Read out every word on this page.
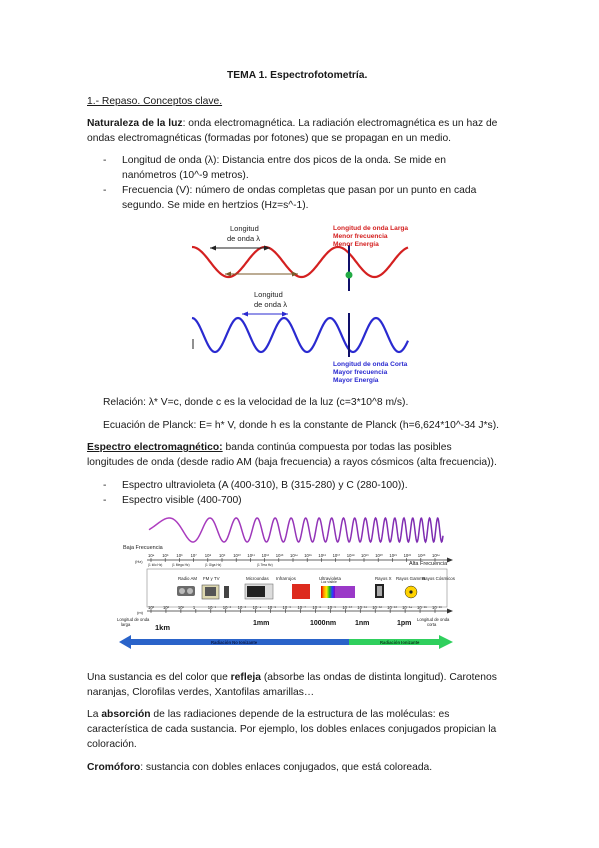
TEMA 1. Espectrofotometría.
1.- Repaso. Conceptos clave.
Naturaleza de la luz: onda electromagnética. La radiación electromagnética es un haz de
ondas electromagnéticas (formadas por fotones) que se propagan en un medio.
- Longitud de onda (λ): Distancia entre dos picos de la onda. Se mide en
nanómetros (10^-9 metros).
- Frecuencia (V): número de ondas completas que pasan por un punto en cada
segundo. Se mide en hertzios (Hz=s^-1).
Longitud
de onda λ
Longitud
de onda λ
Longitud de onda Larga
Menor frecuencia
Menor Energía
Longitud de onda Corta
Mayor frecuencia
Mayor Energía
Relación: λ* V=c, donde c es la velocidad de la luz (c=3*10^8 m/s).
Ecuación de Planck: E= h* V, donde h es la constante de Planck (h=6,624*10^-34 J*s).
Espectro electromagnético: banda continúa compuesta por todas las posibles
longitudes de onda (desde radio AM (baja frecuencia) a rayos cósmicos (alta frecuencia)).
- Espectro ultravioleta (A (400-310), B (315-280) y C (280-100)).
- Espectro visible (400-700)
Baja Frecuencia
Alta Frecuencia
(Hz)
10⁴ 10⁵ 10⁶ 10⁷ 10⁸ 10⁹ 10¹⁰ 10¹¹ 10¹² 10¹³ 10¹⁴ 10¹⁵ 10¹⁶ 10¹⁷ 10¹⁸ 10¹⁹ 10²⁰ 10²¹ 10²² 10²³ 10²⁴
(1 kilo Hz)	(1 Mega Hz)	(1 Giga Hz)	(1 Tera Hz)
Radio AM FM y TV	Microondas Infrarrojos	Ultravioleta	Rayos X Rayos Gamma
Rayos Cósmicos
Luz visible
10³ 10² 10¹ 1	10⁻¹ 10⁻² 10⁻³ 10⁻⁴ 10⁻⁵ 10⁻⁶ 10⁻⁷ 10⁻⁸ 10⁻⁹ 10⁻¹⁰ 10⁻¹¹ 10⁻¹² 10⁻¹³ 10⁻¹⁴ 10⁻¹⁵ 10⁻¹⁶
Longitud de onda
larga
(m)
Longitud de onda
corta
1km	1mm	1000nm	1nm	1pm
Radiación No Ionizante	Radiación Ionizante
Una sustancia es del color que refleja (absorbe las ondas de distinta longitud). Carotenos
naranjas, Clorofilas verdes, Xantofilas amarillas…
La absorción de las radiaciones depende de la estructura de las moléculas: es
característica de cada sustancia. Por ejemplo, los dobles enlaces conjugados propician la
coloración.
Cromóforo: sustancia con dobles enlaces conjugados, que está coloreada.
